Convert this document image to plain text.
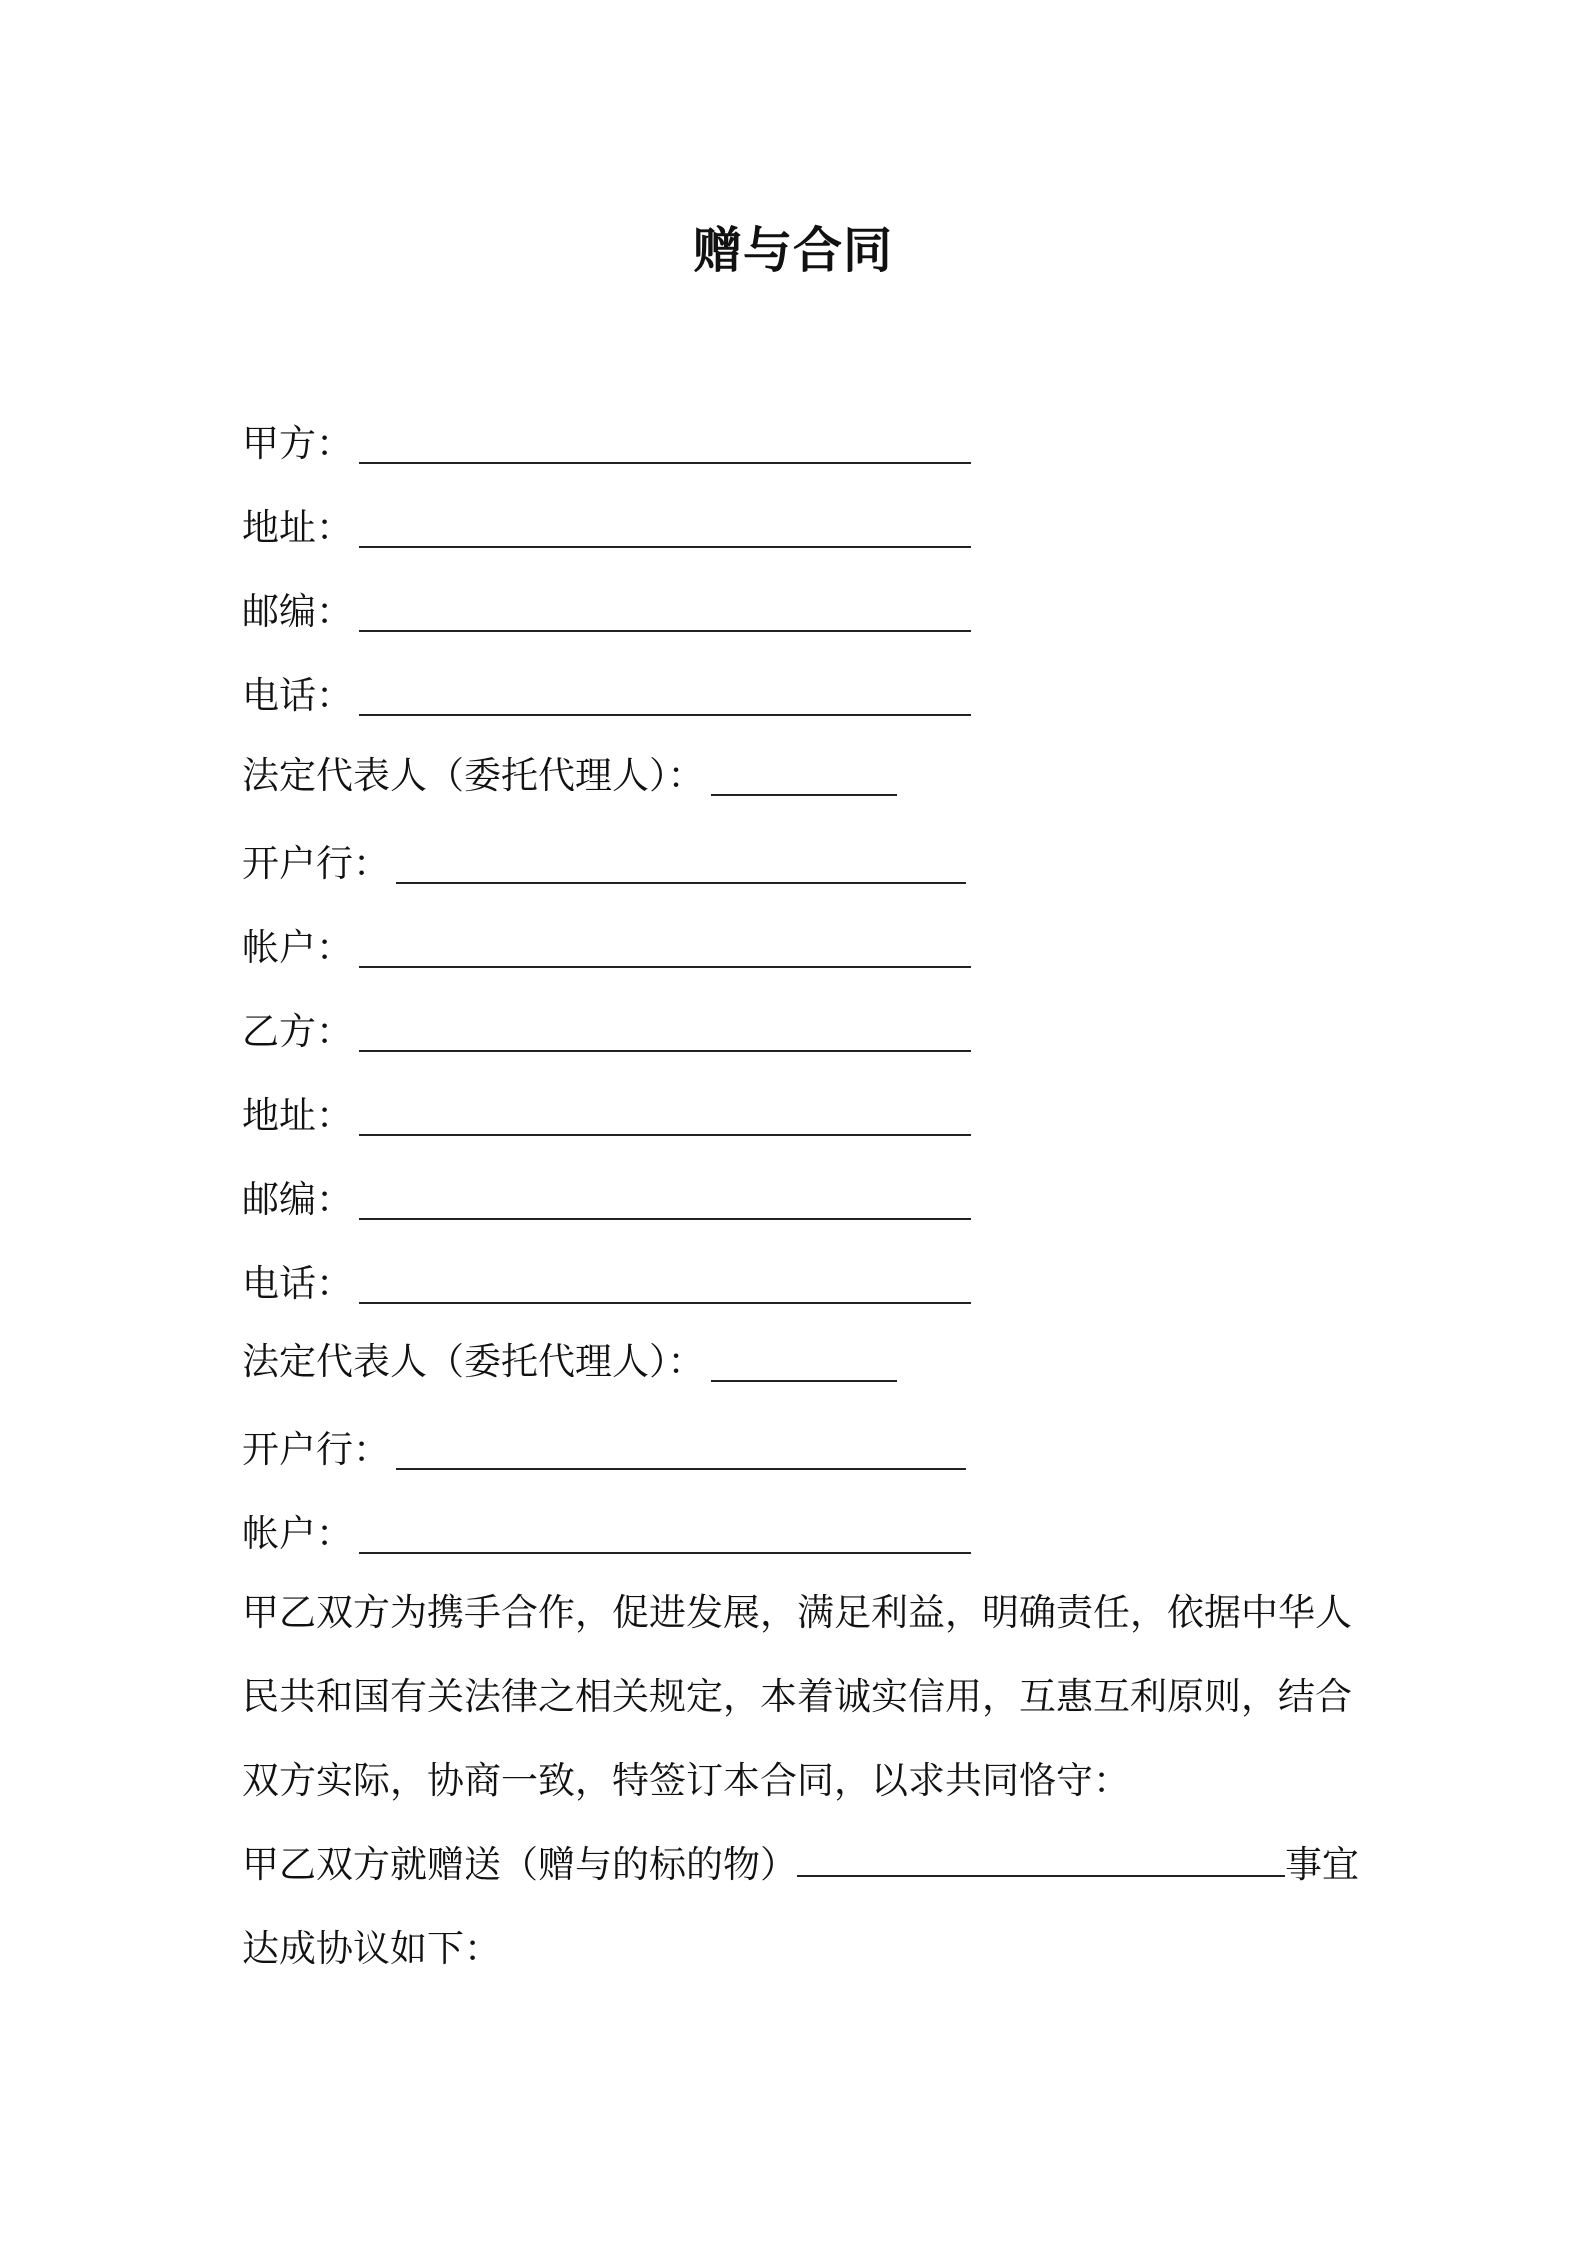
赠与合同
甲方：
地址：
邮编：
电话：
法定代表人（委托代理人）：
开户行：
帐户：
乙方：
地址：
邮编：
电话：
法定代表人（委托代理人）：
开户行：
帐户：

甲乙双方为携手合作，促进发展，满足利益，明确责任，依据中华人

民共和国有关法律之相关规定，本着诚实信用，互惠互利原则，结合

双方实际，协商一致，特签订本合同，以求共同恪守：

甲乙双方就赠送（赠与的标的物）	事宜

达成协议如下：
